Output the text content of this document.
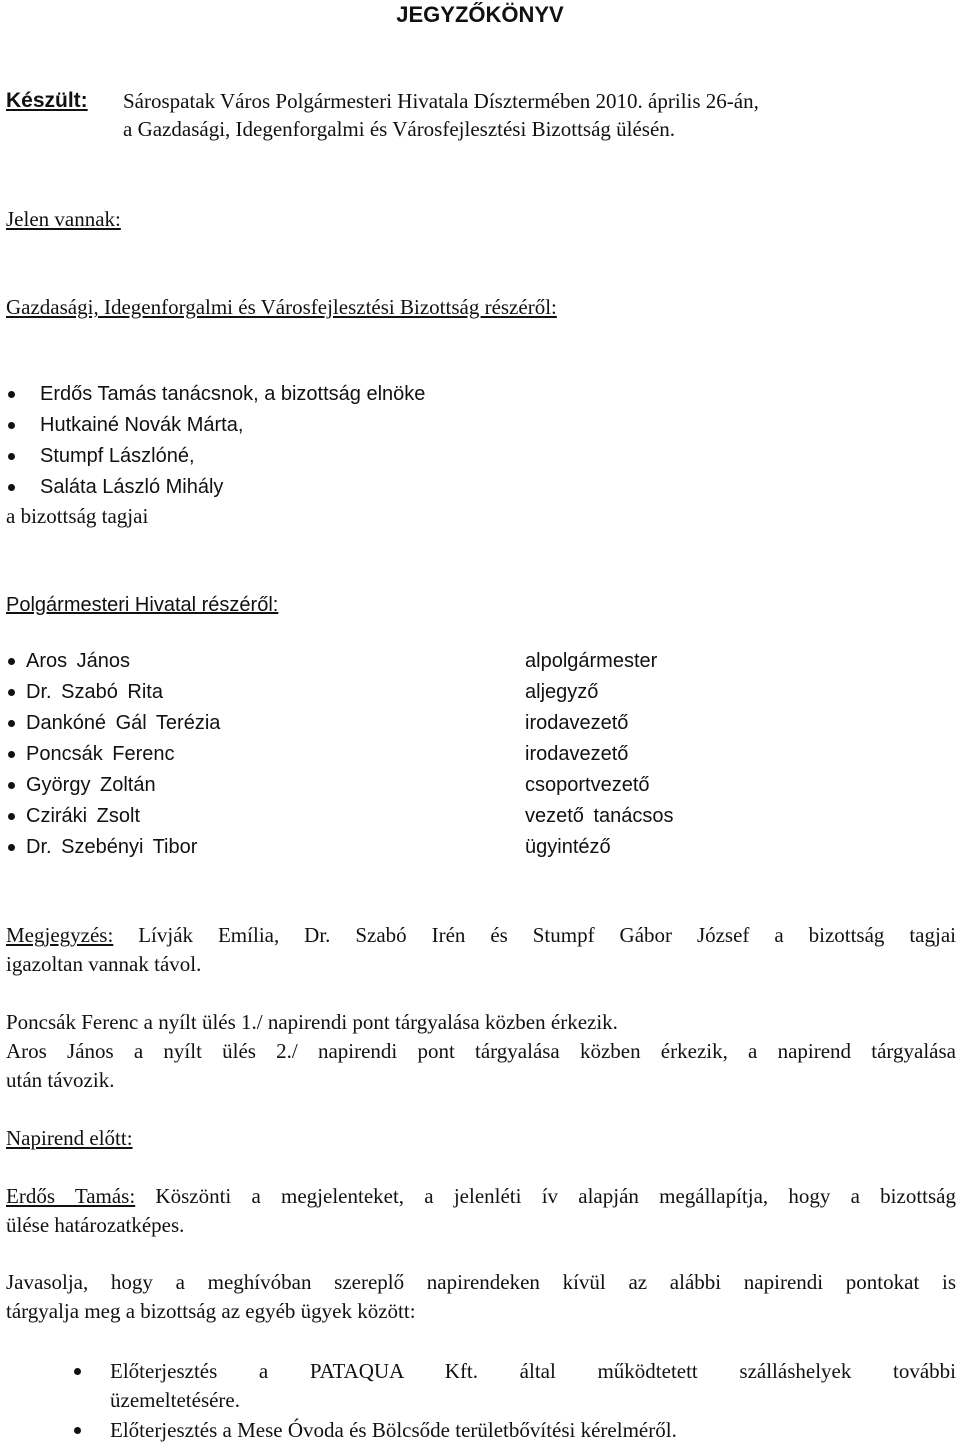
JEGYZŐKÖNYV
Készült: Sárospatak Város Polgármesteri Hivatala Dísztermében 2010. április 26-án,
a Gazdasági, Idegenforgalmi és Városfejlesztési Bizottság ülésén.
Jelen vannak:
Gazdasági, Idegenforgalmi és Városfejlesztési Bizottság részéről:
Erdős Tamás tanácsnok, a bizottság elnöke
Hutkainé Novák Márta,
Stumpf Lászlóné,
Saláta László Mihály
a bizottság tagjai
Polgármesteri Hivatal részéről:
Aros János	alpolgármester
Dr. Szabó Rita	aljegyző
Dankóné Gál Terézia	irodavezető
Poncsák Ferenc	irodavezető
György Zoltán	csoportvezető
Cziráki Zsolt	vezető tanácsos
Dr. Szebényi Tibor	ügyintéző
Megjegyzés: Lívják Emília, Dr. Szabó Irén és Stumpf Gábor József a bizottság tagjai
igazoltan vannak távol.
Poncsák Ferenc a nyílt ülés 1./ napirendi pont tárgyalása közben érkezik.
Aros János a nyílt ülés 2./ napirendi pont tárgyalása közben érkezik, a napirend tárgyalása
után távozik.
Napirend előtt:
Erdős Tamás: Köszönti a megjelenteket, a jelenléti ív alapján megállapítja, hogy a bizottság
ülése határozatképes.
Javasolja, hogy a meghívóban szereplő napirendeken kívül az alábbi napirendi pontokat is
tárgyalja meg a bizottság az egyéb ügyek között:
Előterjesztés a PATAQUA Kft. által működtetett szálláshelyek további
üzemeltetésére.
Előterjesztés a Mese Óvoda és Bölcsőde területbővítési kérelméről.
